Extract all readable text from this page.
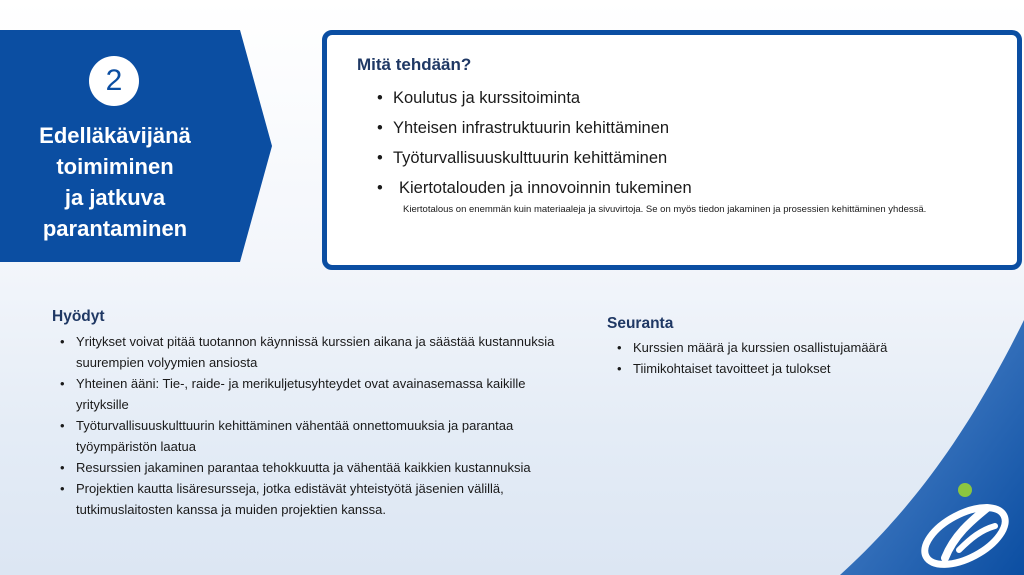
2
Edelläkävijänä
toimiminen
ja jatkuva
parantaminen
Mitä tehdään?
• Koulutus ja kurssitoiminta
• Yhteisen infrastruktuurin kehittäminen
• Työturvallisuuskulttuurin kehittäminen
• Kiertotalouden ja innovoinnin tukeminen
Kiertotalous on enemmän kuin materiaaleja ja sivuvirtoja. Se on myös tiedon jakaminen ja prosessien kehittäminen yhdessä.
Hyödyt
• Yritykset voivat pitää tuotannon käynnissä kurssien aikana ja säästää kustannuksia suurempien volyymien ansiosta
• Yhteinen ääni: Tie-, raide- ja merikuljetusyhteydet ovat avainasemassa kaikille yrityksille
• Työturvallisuuskulttuurin kehittäminen vähentää onnettomuuksia ja parantaa työympäristön laatua
• Resurssien jakaminen parantaa tehokkuutta ja vähentää kaikkien kustannuksia
• Projektien kautta lisäresursseja, jotka edistävät yhteistyötä jäsenien välillä, tutkimuslaitosten kanssa ja muiden projektien kanssa.
Seuranta
• Kurssien määrä ja kurssien osallistujamäärä
• Tiimikohtaiset tavoitteet ja tulokset
